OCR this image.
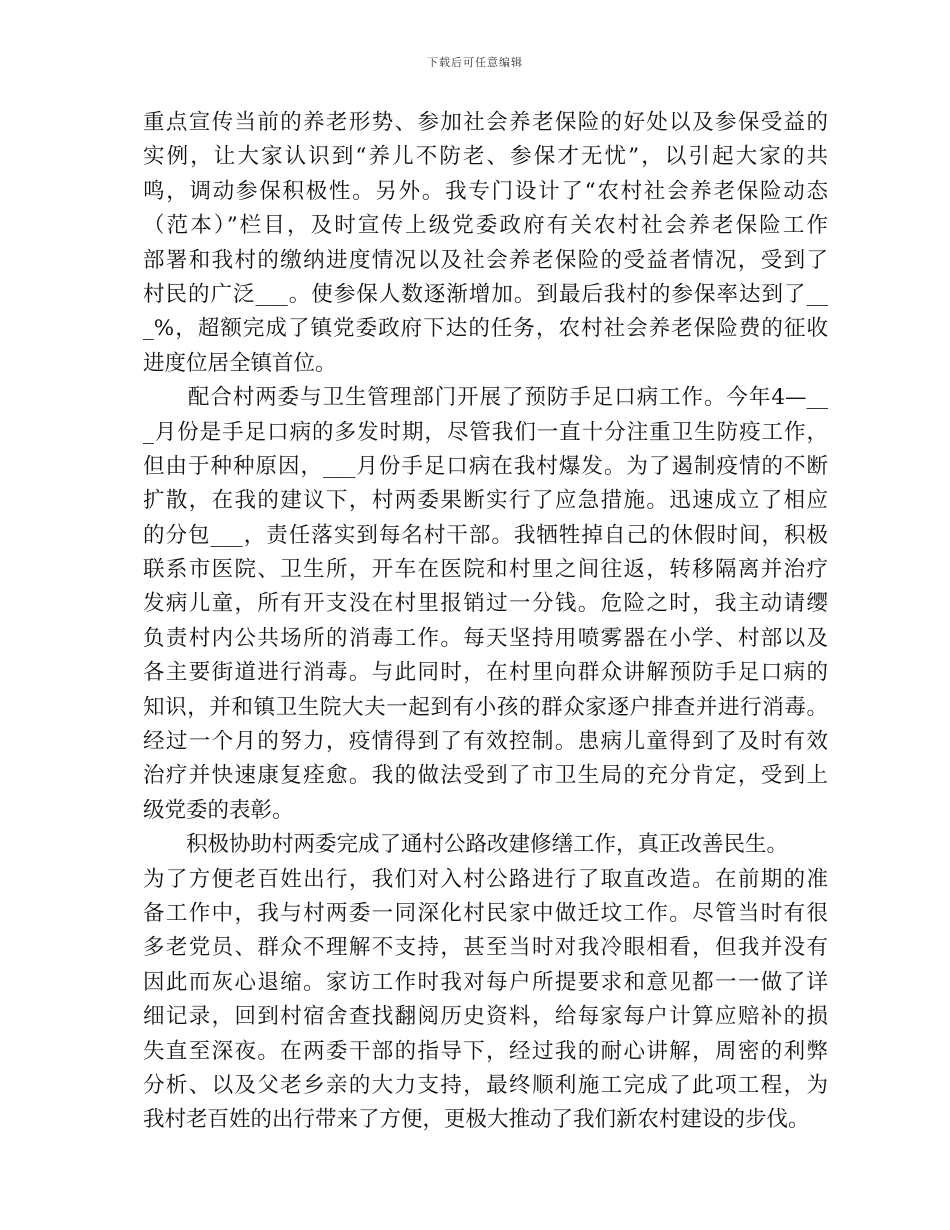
下载后可任意编辑
重点宣传当前的养老形势、参加社会养老保险的好处以及参保受益的
实例，让大家认识到“养儿不防老、参保才无忧”，以引起大家的共
鸣，调动参保积极性。另外。我专门设计了“农村社会养老保险动态
（范本）”栏目，及时宣传上级党委政府有关农村社会养老保险工作
部署和我村的缴纳进度情况以及社会养老保险的受益者情况，受到了
村民的广泛___。使参保人数逐渐增加。到最后我村的参保率达到了__
_%，超额完成了镇党委政府下达的任务，农村社会养老保险费的征收
进度位居全镇首位。
　　配合村两委与卫生管理部门开展了预防手足口病工作。今年4—__
_月份是手足口病的多发时期，尽管我们一直十分注重卫生防疫工作，
但由于种种原因，___月份手足口病在我村爆发。为了遏制疫情的不断
扩散，在我的建议下，村两委果断实行了应急措施。迅速成立了相应
的分包___，责任落实到每名村干部。我牺牲掉自己的休假时间，积极
联系市医院、卫生所，开车在医院和村里之间往返，转移隔离并治疗
发病儿童，所有开支没在村里报销过一分钱。危险之时，我主动请缨
负责村内公共场所的消毒工作。每天坚持用喷雾器在小学、村部以及
各主要街道进行消毒。与此同时，在村里向群众讲解预防手足口病的
知识，并和镇卫生院大夫一起到有小孩的群众家逐户排查并进行消毒。
经过一个月的努力，疫情得到了有效控制。患病儿童得到了及时有效
治疗并快速康复痊愈。我的做法受到了市卫生局的充分肯定，受到上
级党委的表彰。
　　积极协助村两委完成了通村公路改建修缮工作，真正改善民生。
为了方便老百姓出行，我们对入村公路进行了取直改造。在前期的准
备工作中，我与村两委一同深化村民家中做迁坟工作。尽管当时有很
多老党员、群众不理解不支持，甚至当时对我冷眼相看，但我并没有
因此而灰心退缩。家访工作时我对每户所提要求和意见都一一做了详
细记录，回到村宿舍查找翻阅历史资料，给每家每户计算应赔补的损
失直至深夜。在两委干部的指导下，经过我的耐心讲解，周密的利弊
分析、以及父老乡亲的大力支持，最终顺利施工完成了此项工程，为
我村老百姓的出行带来了方便，更极大推动了我们新农村建设的步伐。
